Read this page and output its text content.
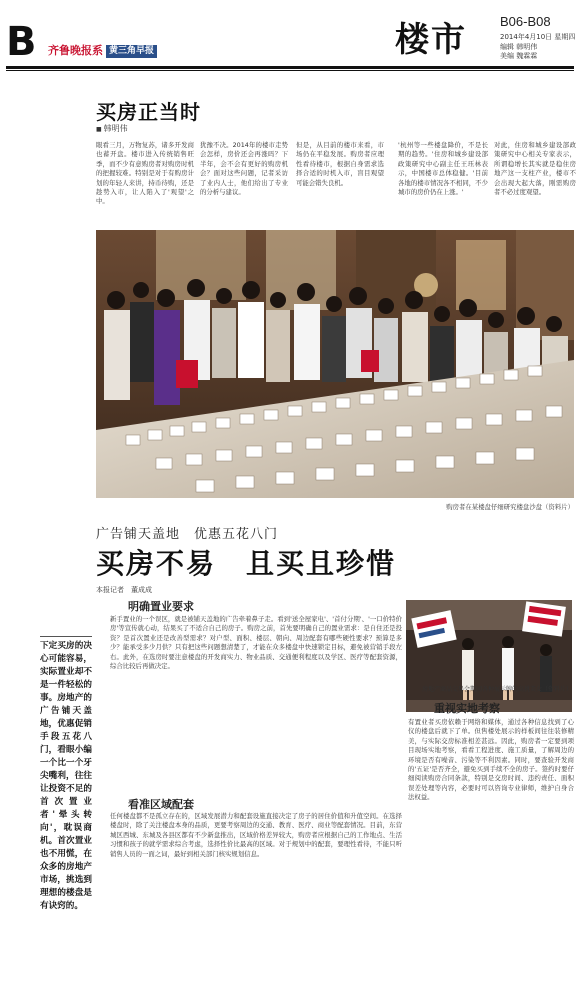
B 齐鲁晚报系 黄三角早报	楼市	B06-B08
2014年4月10日 星期四
编辑 韩明伟
美编 魏霖霖
买房正当时
■ 韩明伟
眼看三月，万物复苏，诸多开发商也蓄开盘。楼市进入传统销售旺季，而不少有意购房者对购房时机的把握较难。特别是对于有购房计划的年轻人来讲，持币待购，还是趁势入市，让人陷入了'观望'之中。
犹豫不决。2014年的楼市走势会怎样，房价还会再涨吗？下半年，会不会有更好的购房机会？面对这些问题，记者采访了业内人士，他们给出了专业的分析与建议。
但是，从目前的楼市来看，市场仍在平稳发展。购房者应理性看待楼市，根据自身需求选择合适的时机入市，盲目观望可能会错失良机。
'杭州等一些楼盘降价，不是长期的趋势。'住房和城乡建设部政策研究中心副主任王珏林表示，中国楼市总体稳健。'目前各地的楼市情况各不相同，不少城市的房价仍在上涨。'
对此，住房和城乡建设部政策研究中心相关专家表示，所谓稳增长其实就是稳住房地产这一支柱产业，楼市不会出现大起大落，刚需购房者不必过度观望。
购房者在某楼盘仔细研究楼盘沙盘（资料片）
广告铺天盖地　优惠五花八门
买房不易　且买且珍惜
本报记者　董成成
明确置业要求
新手置业的一个误区，就是被铺天盖地的广告牵着鼻子走。看到'送全屋家电'、'首付分期'、'一口价特价房'等宣传就心动，结果买了不适合自己的房子。购房之前，首先要明确自己的置业需求：是自住还是投资？是首次置业还是改善型需求？对户型、面积、楼层、朝向、周边配套有哪些硬性要求？预算是多少？能承受多少月供？只有把这些问题想清楚了，才能在众多楼盘中快速锁定目标，避免被营销手段左右。此外，在选房时要注意楼盘的开发商实力、物业品质、交通便利程度以及学区、医疗等配套资源，综合比较后再做决定。
看准区域配套
任何楼盘都不是孤立存在的，区域发展潜力和配套设施直接决定了房子的居住价值和升值空间。在选择楼盘时，除了关注楼盘本身的品质，更要考察周边的交通、教育、医疗、商业等配套情况。目前，东营城区西城、东城及各县区都有不少新盘推出，区域价格差异较大，购房者应根据自己的工作地点、生活习惯和孩子的就学需求综合考虑，选择性价比最高的区域。对于规划中的配套，要理性看待，不能只听销售人员的一面之词，最好到相关部门核实规划信息。
下定买房的决心可能容易，实际置业却不是一件轻松的事。房地产的广告铺天盖地，优惠促销手段五花八门，看眼小编一个比一个牙尖嘴利，往往让投资不足的首次置业者'晕头转向'，耽误商机。首次置业也不用慌，在众多的房地产市场，挑选到理想的楼盘是有诀窍的。
房地产商品交易会期间各种展示牌的高挑美女（资料片）
重视实地考察
有置业者买房依赖于网络和媒体，通过各种信息找到了心仪的楼盘后就下了单。但售楼处展示的样板间往往装修精美，与实际交房标准相差甚远。因此，购房者一定要到项目现场实地考察，看看工程进度、施工质量，了解周边的环境是否有噪音、污染等不利因素。同时，要查验开发商的'五证'是否齐全，避免买到手续不全的房子。签约时要仔细阅读购房合同条款，特别是交房时间、违约责任、面积误差处理等内容，必要时可以咨询专业律师，维护自身合法权益。
